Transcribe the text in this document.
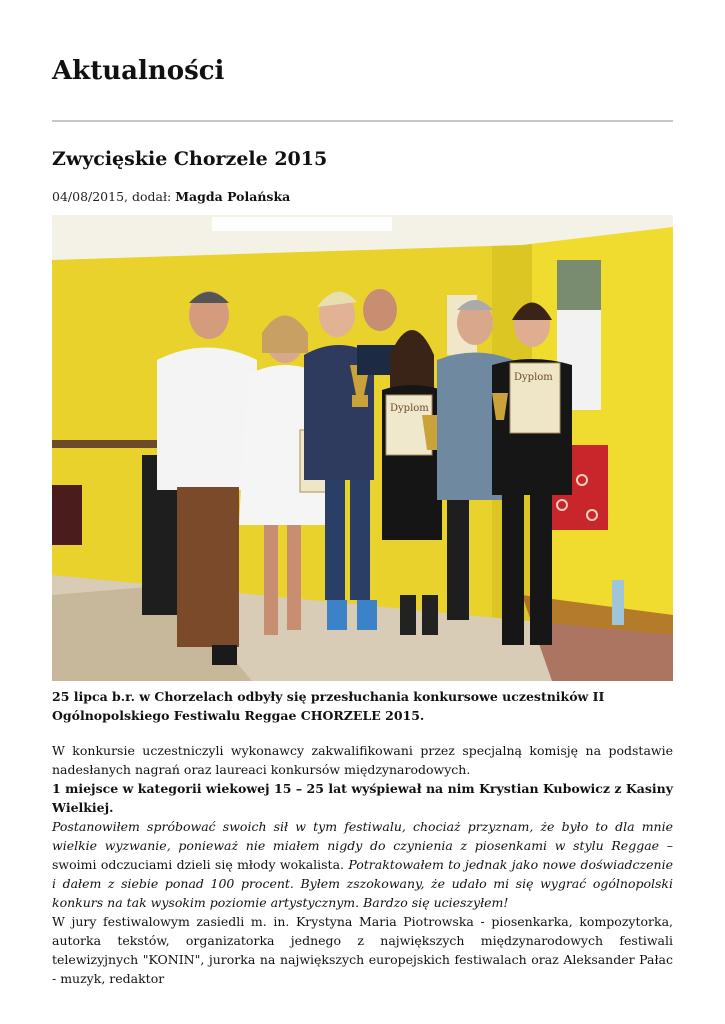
Aktualności
Zwycięskie Chorzele 2015
04/08/2015, dodał: Magda Polańska
Dyplom
Dyplom

25 lipca b.r. w Chorzelach odbyły się przesłuchania konkursowe uczestników II Ogólnopolskiego Festiwalu Reggae CHORZELE 2015.

W konkursie uczestniczyli wykonawcy zakwalifikowani przez specjalną komisję na podstawie nadesłanych nagrań oraz laureaci konkursów międzynarodowych.

1 miejsce w kategorii wiekowej 15 – 25 lat wyśpiewał na nim Krystian Kubowicz z Kasiny Wielkiej.

Postanowiłem spróbować swoich sił w tym festiwalu, chociaż przyznam, że było to dla mnie wielkie wyzwanie, ponieważ nie miałem nigdy do czynienia z piosenkami w stylu Reggae – swoimi odczuciami dzieli się młody wokalista. Potraktowałem to jednak jako nowe doświadczenie i dałem z siebie ponad 100 procent. Byłem zszokowany, że udało mi się wygrać ogólnopolski konkurs na tak wysokim poziomie artystycznym. Bardzo się ucieszyłem!

W jury festiwalowym zasiedli m. in. Krystyna Maria Piotrowska - piosenkarka, kompozytorka, autorka tekstów, organizatorka jednego z największych międzynarodowych festiwali telewizyjnych "KONIN", jurorka na największych europejskich festiwalach oraz Aleksander Pałac - muzyk, redaktor
